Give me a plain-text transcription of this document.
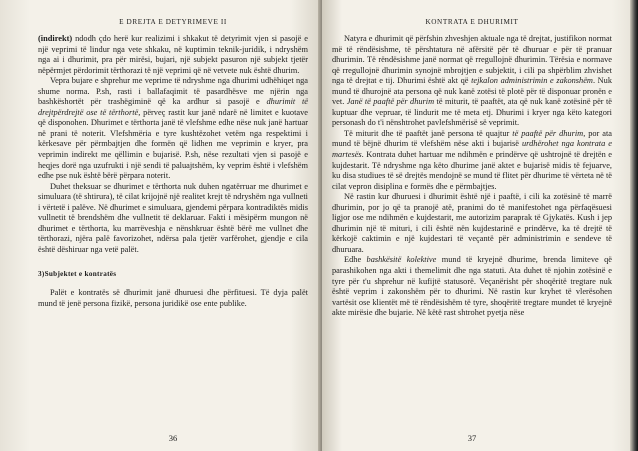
E DREJTA E DETYRIMEVE II

(indirekt) ndodh çdo herë kur realizimi i shkakut të detyrimit vjen si pasojë e një veprimi të lindur nga vete shkaku, në kuptimin teknik-juridik, i ndryshëm nga ai i dhurimit, pra për mirësi, bujari, një subjekt pasuron një subjekt tjetër nëpërmjet përdorimit tërthorazi të një veprimi që në vetvete nuk është dhurim.

Vepra bujare e shprehur me veprime të ndryshme nga dhurimi udhëhiqet nga shume norma. P.sh, rasti i ballafaqimit të pasardhësve me njërin nga bashkëshortët për trashëgiminë që ka ardhur si pasojë e dhurimit të drejtpërdrejtë ose të tërthortë, përveç rastit kur janë ndarë në limitet e kuotave që disponohen. Dhurimet e tërthorta janë të vlefshme edhe nëse nuk janë hartuar në prani të noterit. Vlefshmëria e tyre kushtëzohet vetëm nga respektimi i kërkesave për përmbajtjen dhe formën që lidhen me veprimin e kryer, pra veprimin indirekt me qëllimin e bujarisë. P.sh, nëse rezultati vjen si pasojë e heqjes dorë nga uzufrukti i një sendi të paluajtshëm, ky veprim është i vlefshëm edhe pse nuk është bërë përpara noterit.

Duhet theksuar se dhurimet e tërthorta nuk duhen ngatërruar me dhurimet e simuluara (të shtirura), të cilat krijojnë një realitet krejt të ndryshëm nga vullneti i vërtetë i palëve. Në dhurimet e simuluara, gjendemi përpara kontradiktës midis vullnetit të brendshëm dhe vullnetit të deklaruar. Fakti i mësipërm mungon në dhurimet e tërthorta, ku marrëveshja e nënshkruar është bërë me vullnet dhe tërthorazi, njëra palë favorizohet, ndërsa pala tjetër varfërohet, gjendje e cila është dëshiruar nga vetë palët.

3)Subjektet e kontratës

Palët e kontratës së dhurimit janë dhuruesi dhe përfituesi. Të dyja palët mund të jenë persona fizikë, persona juridikë ose ente publike.

36
KONTRATA E DHURIMIT

Natyra e dhurimit që përfshin zhveshjen aktuale nga të drejtat, justifikon normat më të rëndësishme, të përshtatura në afërsitë për të dhuruar e për të pranuar dhurimin. Të rëndësishme janë normat që rregullojnë dhurimin. Tërësia e normave që rregullojnë dhurimin synojnë mbrojtjen e subjektit, i cili pa shpërblim zhvishet nga të drejtat e tij. Dhurimi është akt që tejkalon administrimin e zakonshëm. Nuk mund të dhurojnë ata persona që nuk kanë zotësi të plotë për të disponuar pronën e vet. Janë të paaftë për dhurim të miturit, të paaftët, ata që nuk kanë zotësinë për të kuptuar dhe vepruar, të lindurit me të meta etj. Dhurimi i kryer nga këto kategori personash do t'i nënshtrohet pavlefshmërisë së veprimit.

Të miturit dhe të paaftët janë persona të quajtur të paaftë për dhurim, por ata mund të bëjnë dhurim të vlefshëm nëse akti i bujarisë urdhërohet nga kontrata e martesës. Kontrata duhet hartuar me ndihmën e prindërve që ushtrojnë të drejtën e kujdestarit. Të ndryshme nga këto dhurime janë aktet e bujarisë midis të fejuarve, ku disa studiues të së drejtës mendojnë se mund të flitet për dhurime të vërteta në të cilat vepron disiplina e formës dhe e përmbajtjes.

Në rastin kur dhuruesi i dhurimit është një i paaftë, i cili ka zotësinë të marrë dhurimin, por jo që ta pranojë atë, pranimi do të manifestohet nga përfaqësuesi ligjor ose me ndihmën e kujdestarit, me autorizim paraprak të Gjykatës. Kush i jep dhurimin një të mituri, i cili është nën kujdestarinë e prindërve, ka të drejtë të kërkojë caktimin e një kujdestari të veçantë për administrimin e sendeve të dhuruara.

Edhe bashkësitë kolektive mund të kryejnë dhurime, brenda limiteve që parashikohen nga akti i themelimit dhe nga statuti. Ata duhet të njohin zotësinë e tyre për t'u shprehur në kufijtë statusorë. Veçanërisht për shoqëritë tregtare nuk është veprim i zakonshëm për to dhurimi. Në rastin kur kryhet të vlerësohen vartësit ose klientët më të rëndësishëm të tyre, shoqëritë tregtare mundet të kryejnë akte mirësie dhe bujarie. Në këtë rast shtrohet pyetja nëse

37
